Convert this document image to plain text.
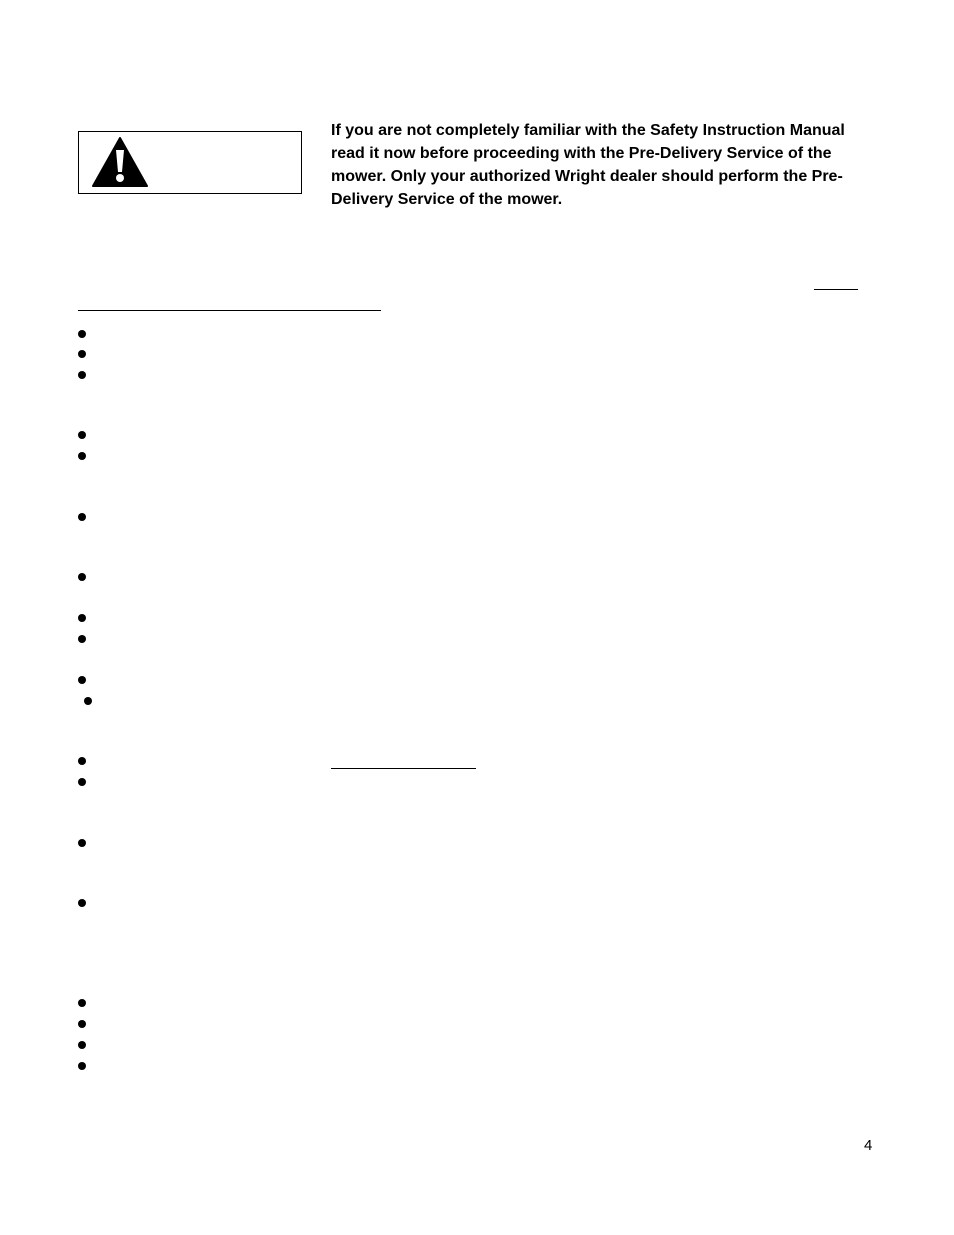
If you are not completely familiar with the Safety Instruction Manual read it now before proceeding with the Pre-Delivery Service of the mower. Only your authorized Wright dealer should perform the Pre-Delivery Service of the mower.

4
